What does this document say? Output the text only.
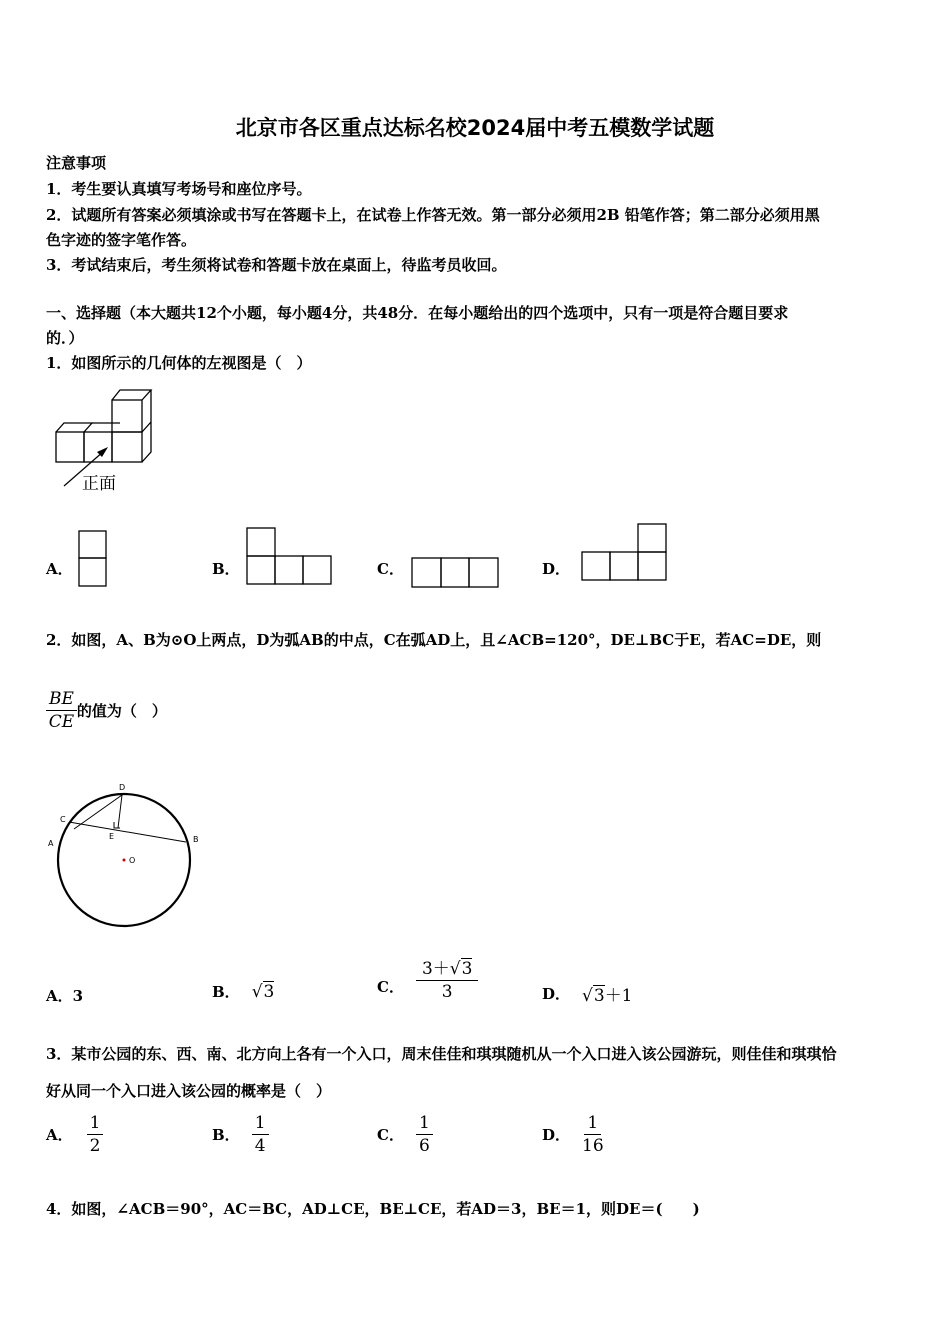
北京市各区重点达标名校2024届中考五模数学试题
注意事项
1．考生要认真填写考场号和座位序号。
2．试题所有答案必须填涂或书写在答题卡上，在试卷上作答无效。第一部分必须用2B 铅笔作答；第二部分必须用黑
色字迹的签字笔作答。
3．考试结束后，考生须将试卷和答题卡放在桌面上，待监考员收回。
一、选择题（本大题共12个小题，每小题4分，共48分．在每小题给出的四个选项中，只有一项是符合题目要求
的．）
1．如图所示的几何体的左视图是（　）
正面
A．	B．	C．	D．
2．如图，A、B为⊙O上两点，D为弧AB的中点，C在弧AD上，且∠ACB=120°，DE⊥BC于E，若AC=DE，则
$\frac{BE}{CE}$ 的值为（　）
D
C
A
E	B
O
A．3	B． √3	C． $\frac{3+√3}{3}$	D． √3＋1
3．某市公园的东、西、南、北方向上各有一个入口，周末佳佳和琪琪随机从一个入口进入该公园游玩，则佳佳和琪琪恰
好从同一个入口进入该公园的概率是（　）
A． $\frac{1}{2}$	B． $\frac{1}{4}$	C． $\frac{1}{6}$	D． $\frac{1}{16}$
4．如图，∠ACB＝90°，AC＝BC，AD⊥CE，BE⊥CE，若AD＝3，BE＝1，则DE＝(　　)
